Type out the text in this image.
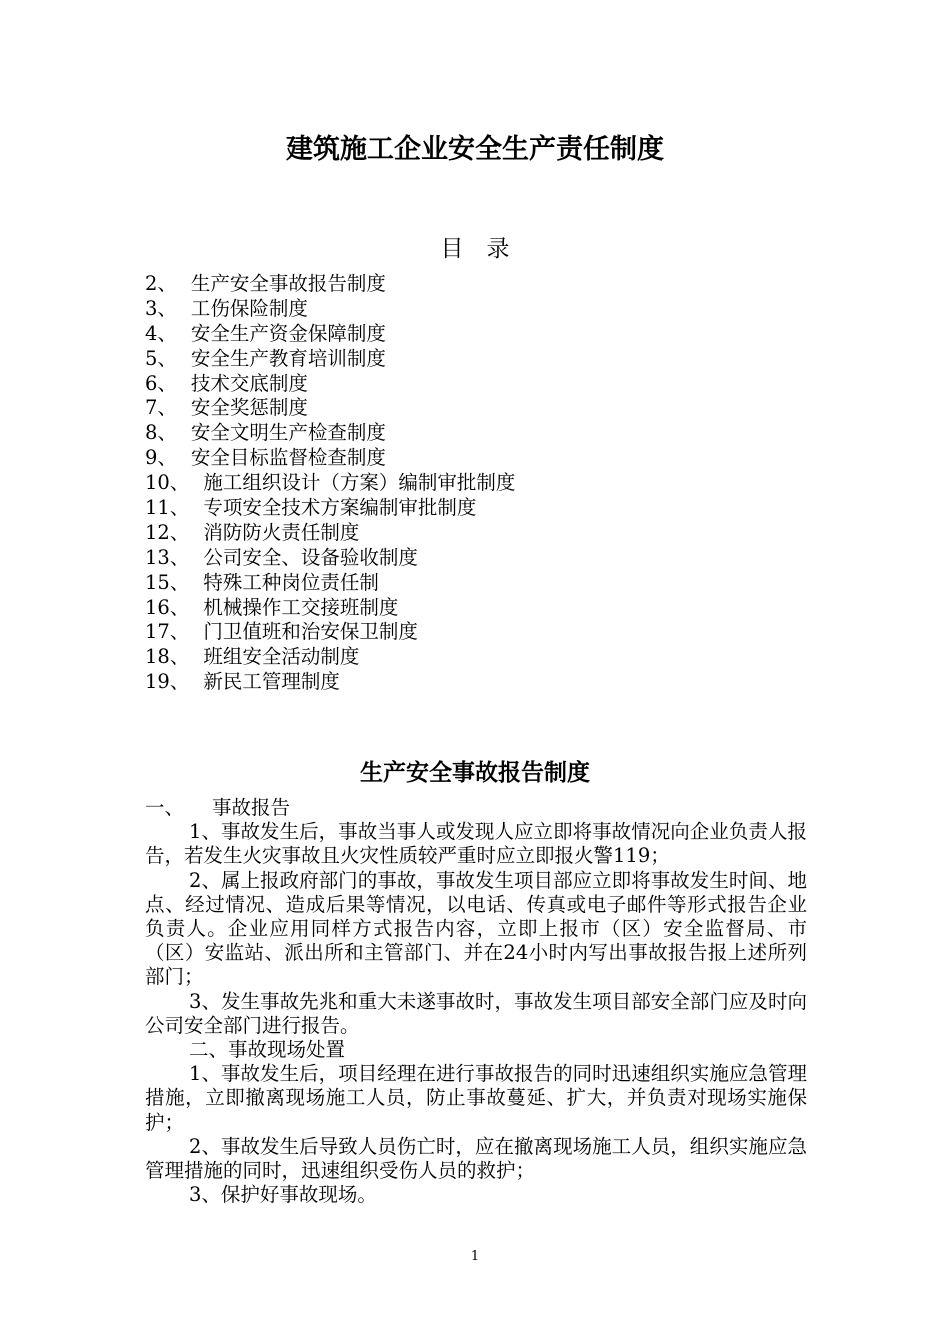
建筑施工企业安全生产责任制度
目　录
2、 生产安全事故报告制度
3、 工伤保险制度
4、 安全生产资金保障制度
5、 安全生产教育培训制度
6、 技术交底制度
7、 安全奖惩制度
8、 安全文明生产检查制度
9、 安全目标监督检查制度
10、 施工组织设计（方案）编制审批制度
11、 专项安全技术方案编制审批制度
12、 消防防火责任制度
13、 公司安全、设备验收制度
15、 特殊工种岗位责任制
16、 机械操作工交接班制度
17、 门卫值班和治安保卫制度
18、 班组安全活动制度
19、 新民工管理制度
生产安全事故报告制度

一、 事故报告

1、事故发生后，事故当事人或发现人应立即将事故情况向企业负责人报告，若发生火灾事故且火灾性质较严重时应立即报火警119；

2、属上报政府部门的事故，事故发生项目部应立即将事故发生时间、地点、经过情况、造成后果等情况，以电话、传真或电子邮件等形式报告企业负责人。企业应用同样方式报告内容，立即上报市（区）安全监督局、市（区）安监站、派出所和主管部门、并在24小时内写出事故报告报上述所列部门；

3、发生事故先兆和重大未遂事故时，事故发生项目部安全部门应及时向公司安全部门进行报告。

二、事故现场处置

1、事故发生后，项目经理在进行事故报告的同时迅速组织实施应急管理措施，立即撤离现场施工人员，防止事故蔓延、扩大，并负责对现场实施保护；

2、事故发生后导致人员伤亡时，应在撤离现场施工人员，组织实施应急管理措施的同时，迅速组织受伤人员的救护；

3、保护好事故现场。

1
